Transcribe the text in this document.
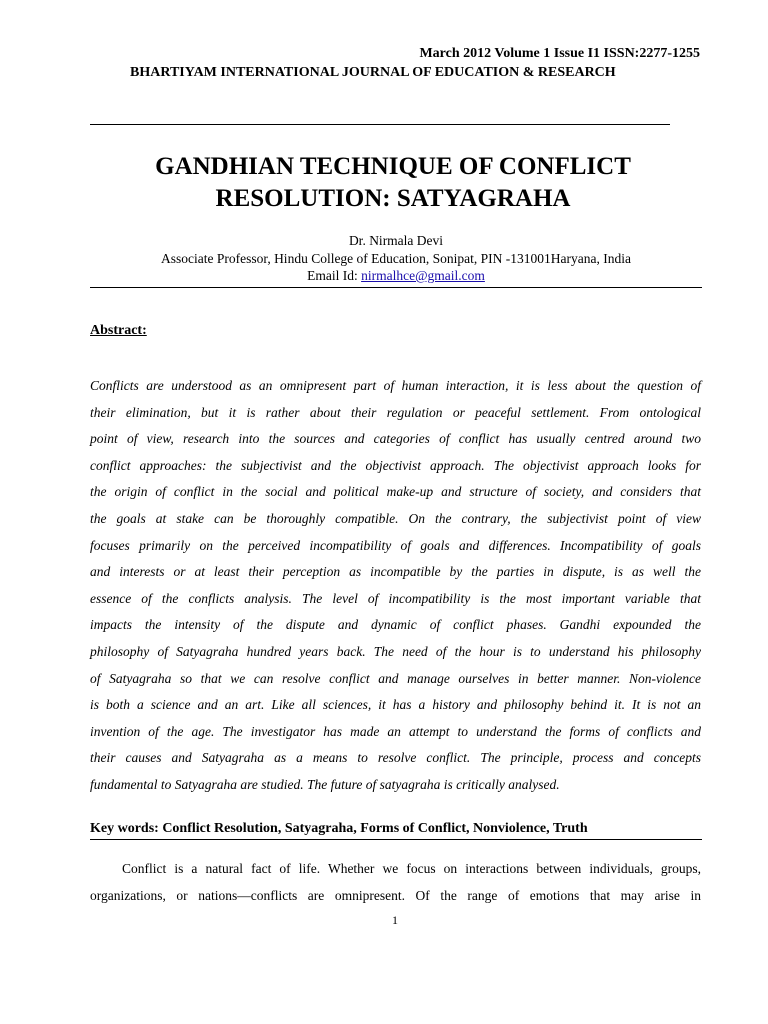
March 2012 Volume 1 Issue I1 ISSN:2277-1255
BHARTIYAM INTERNATIONAL JOURNAL OF EDUCATION & RESEARCH
GANDHIAN TECHNIQUE OF CONFLICT
RESOLUTION: SATYAGRAHA
Dr. Nirmala Devi
Associate Professor, Hindu College of Education, Sonipat, PIN -131001Haryana, India
Email Id: nirmalhce@gmail.com
Abstract:
Conflicts are understood as an omnipresent part of human interaction, it is less about the question of
their elimination, but it is rather about their regulation or peaceful settlement. From ontological
point of view, research into the sources and categories of conflict has usually centred around two
conflict approaches: the subjectivist and the objectivist approach. The objectivist approach looks for
the origin of conflict in the social and political make-up and structure of society, and considers that
the goals at stake can be thoroughly compatible. On the contrary, the subjectivist point of view
focuses primarily on the perceived incompatibility of goals and differences. Incompatibility of goals
and interests or at least their perception as incompatible by the parties in dispute, is as well the
essence of the conflicts analysis. The level of incompatibility is the most important variable that
impacts the intensity of the dispute and dynamic of conflict phases. Gandhi expounded the
philosophy of Satyagraha hundred years back. The need of the hour is to understand his philosophy
of Satyagraha so that we can resolve conflict and manage ourselves in better manner. Non-violence
is both a science and an art. Like all sciences, it has a history and philosophy behind it. It is not an
invention of the age. The investigator has made an attempt to understand the forms of conflicts and
their causes and Satyagraha as a means to resolve conflict. The principle, process and concepts
fundamental to Satyagraha are studied. The future of satyagraha is critically analysed.
Key words: Conflict Resolution, Satyagraha, Forms of Conflict, Nonviolence, Truth
Conflict is a natural fact of life. Whether we focus on interactions between individuals, groups,
organizations, or nations—conflicts are omnipresent. Of the range of emotions that may arise in
1
